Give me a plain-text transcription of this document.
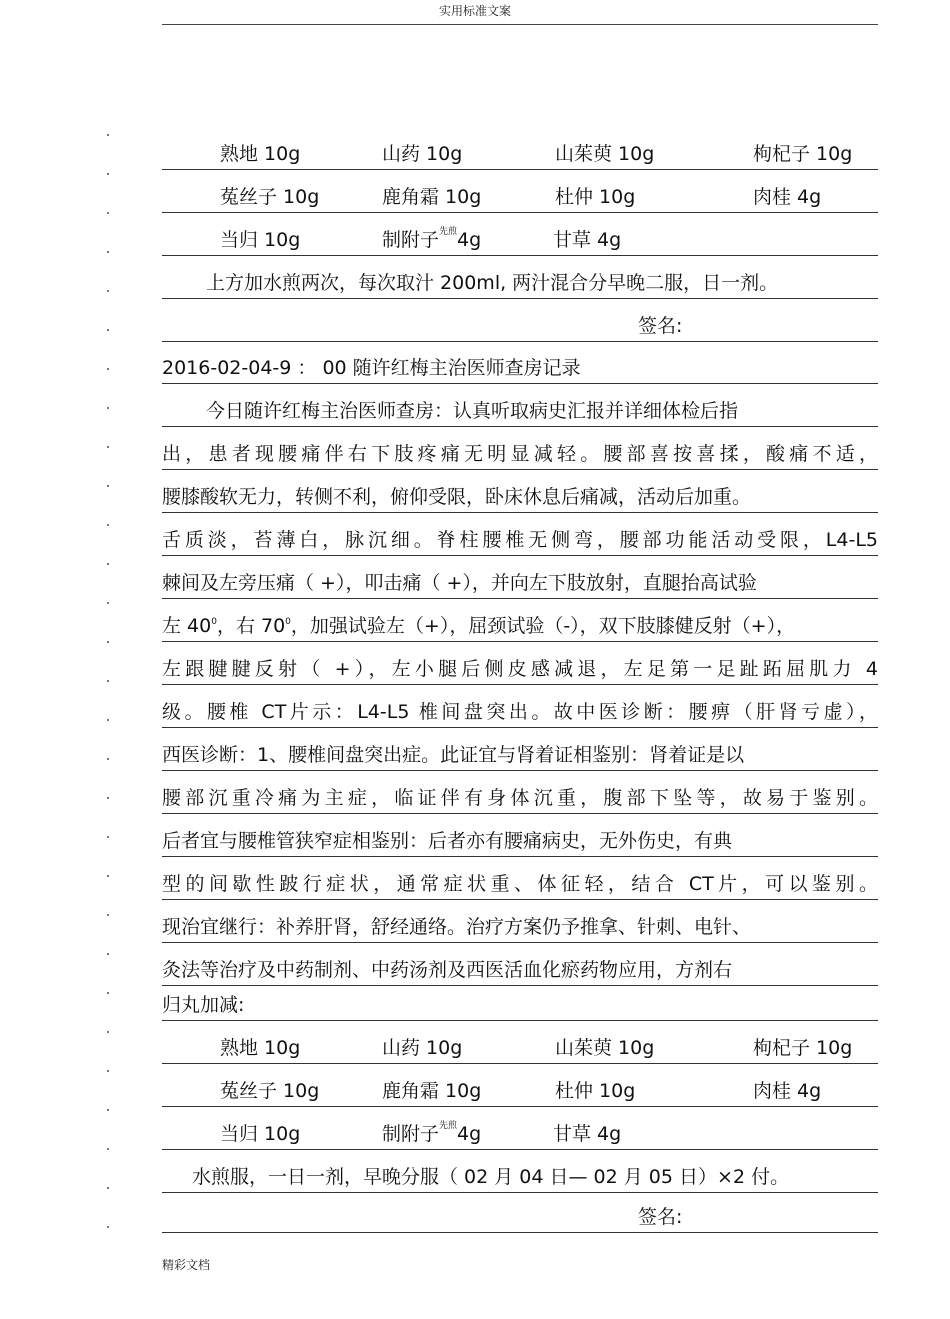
实用标准文案
熟地 10g	山药 10g	山茱萸 10g	枸杞子 10g
菟丝子 10g	鹿角霜 10g	杜仲 10g	肉桂 4g
当归 10g	制附子$^{先煎}$4g	甘草 4g
上方加水煎两次，每次取汁 200ml, 两汁混合分早晚二服，日一剂。
签名:
2016-02-04-9 ： 00 随许红梅主治医师查房记录
今日随许红梅主治医师查房：认真听取病史汇报并详细体检后指
出，患者现腰痛伴右下肢疼痛无明显减轻。腰部喜按喜揉，酸痛不适，
腰膝酸软无力，转侧不利，俯仰受限，卧床休息后痛减，活动后加重。
舌质淡，苔薄白，脉沉细。脊柱腰椎无侧弯，腰部功能活动受限，L4-L5
棘间及左旁压痛（ +），叩击痛（ +），并向左下肢放射，直腿抬高试验
左 $40^0$，右 $70^0$，加强试验左（+），屈颈试验（-），双下肢膝健反射（+），
左跟腱腱反射（ +），左小腿后侧皮感减退，左足第一足趾跖屈肌力 4
级。腰椎 CT片示：L4-L5 椎间盘突出。故中医诊断：腰痹（肝肾亏虚），
西医诊断：1、腰椎间盘突出症。此证宜与肾着证相鉴别：肾着证是以
腰部沉重冷痛为主症，临证伴有身体沉重，腹部下坠等，故易于鉴别。
后者宜与腰椎管狭窄症相鉴别：后者亦有腰痛病史，无外伤史，有典
型的间歇性跛行症状，通常症状重、体征轻，结合 CT片，可以鉴别。
现治宜继行：补养肝肾，舒经通络。治疗方案仍予推拿、针刺、电针、
灸法等治疗及中药制剂、中药汤剂及西医活血化瘀药物应用，方剂右
归丸加减:
熟地 10g	山药 10g	山茱萸 10g	枸杞子 10g
菟丝子 10g	鹿角霜 10g	杜仲 10g	肉桂 4g
当归 10g	制附子$^{先煎}$4g	甘草 4g
水煎服，一日一剂，早晚分服（ 02 月 04 日— 02 月 05 日）×2 付。
签名:
精彩文档
